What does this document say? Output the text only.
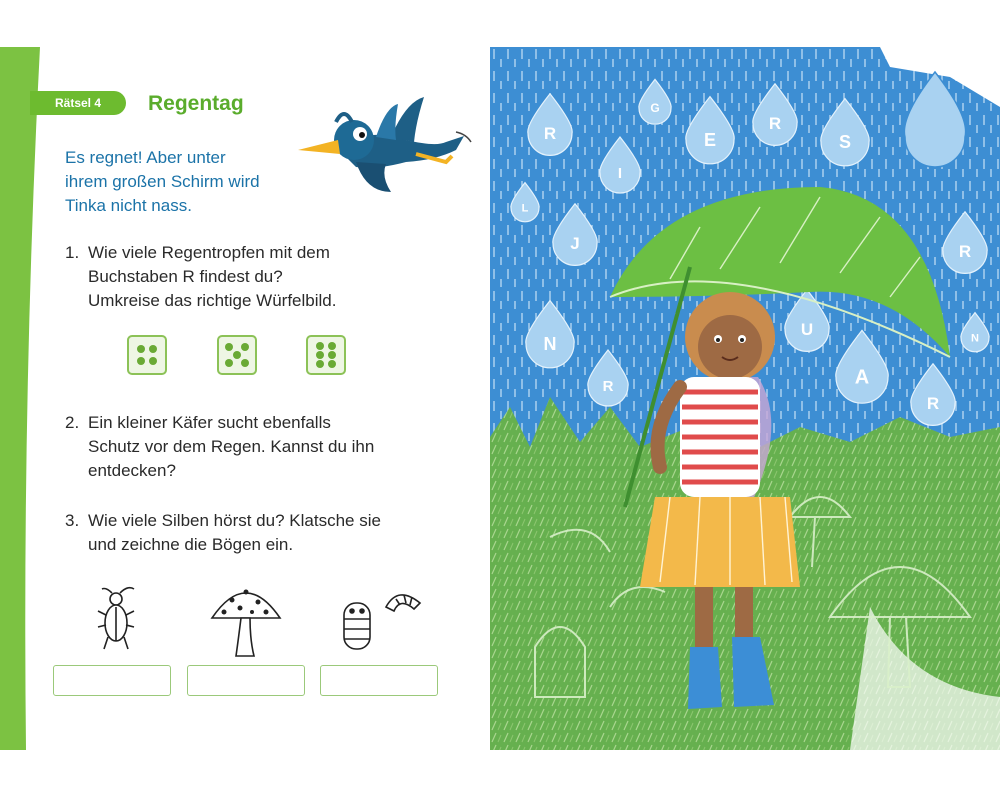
Rätsel 4	Regentag
Es regnet! Aber unter
ihrem großen Schirm wird
Tinka nicht nass.
1. Wie viele Regentropfen mit dem
Buchstaben R findest du?
Umkreise das richtige Würfelbild.
2. Ein kleiner Käfer sucht ebenfalls
Schutz vor dem Regen. Kannst du ihn
entdecken?
3. Wie viele Silben hörst du? Klatsche sie
und zeichne die Bögen ein.
R
G
E
R
S
I
L
J	R
N
U	N
R	A
R
